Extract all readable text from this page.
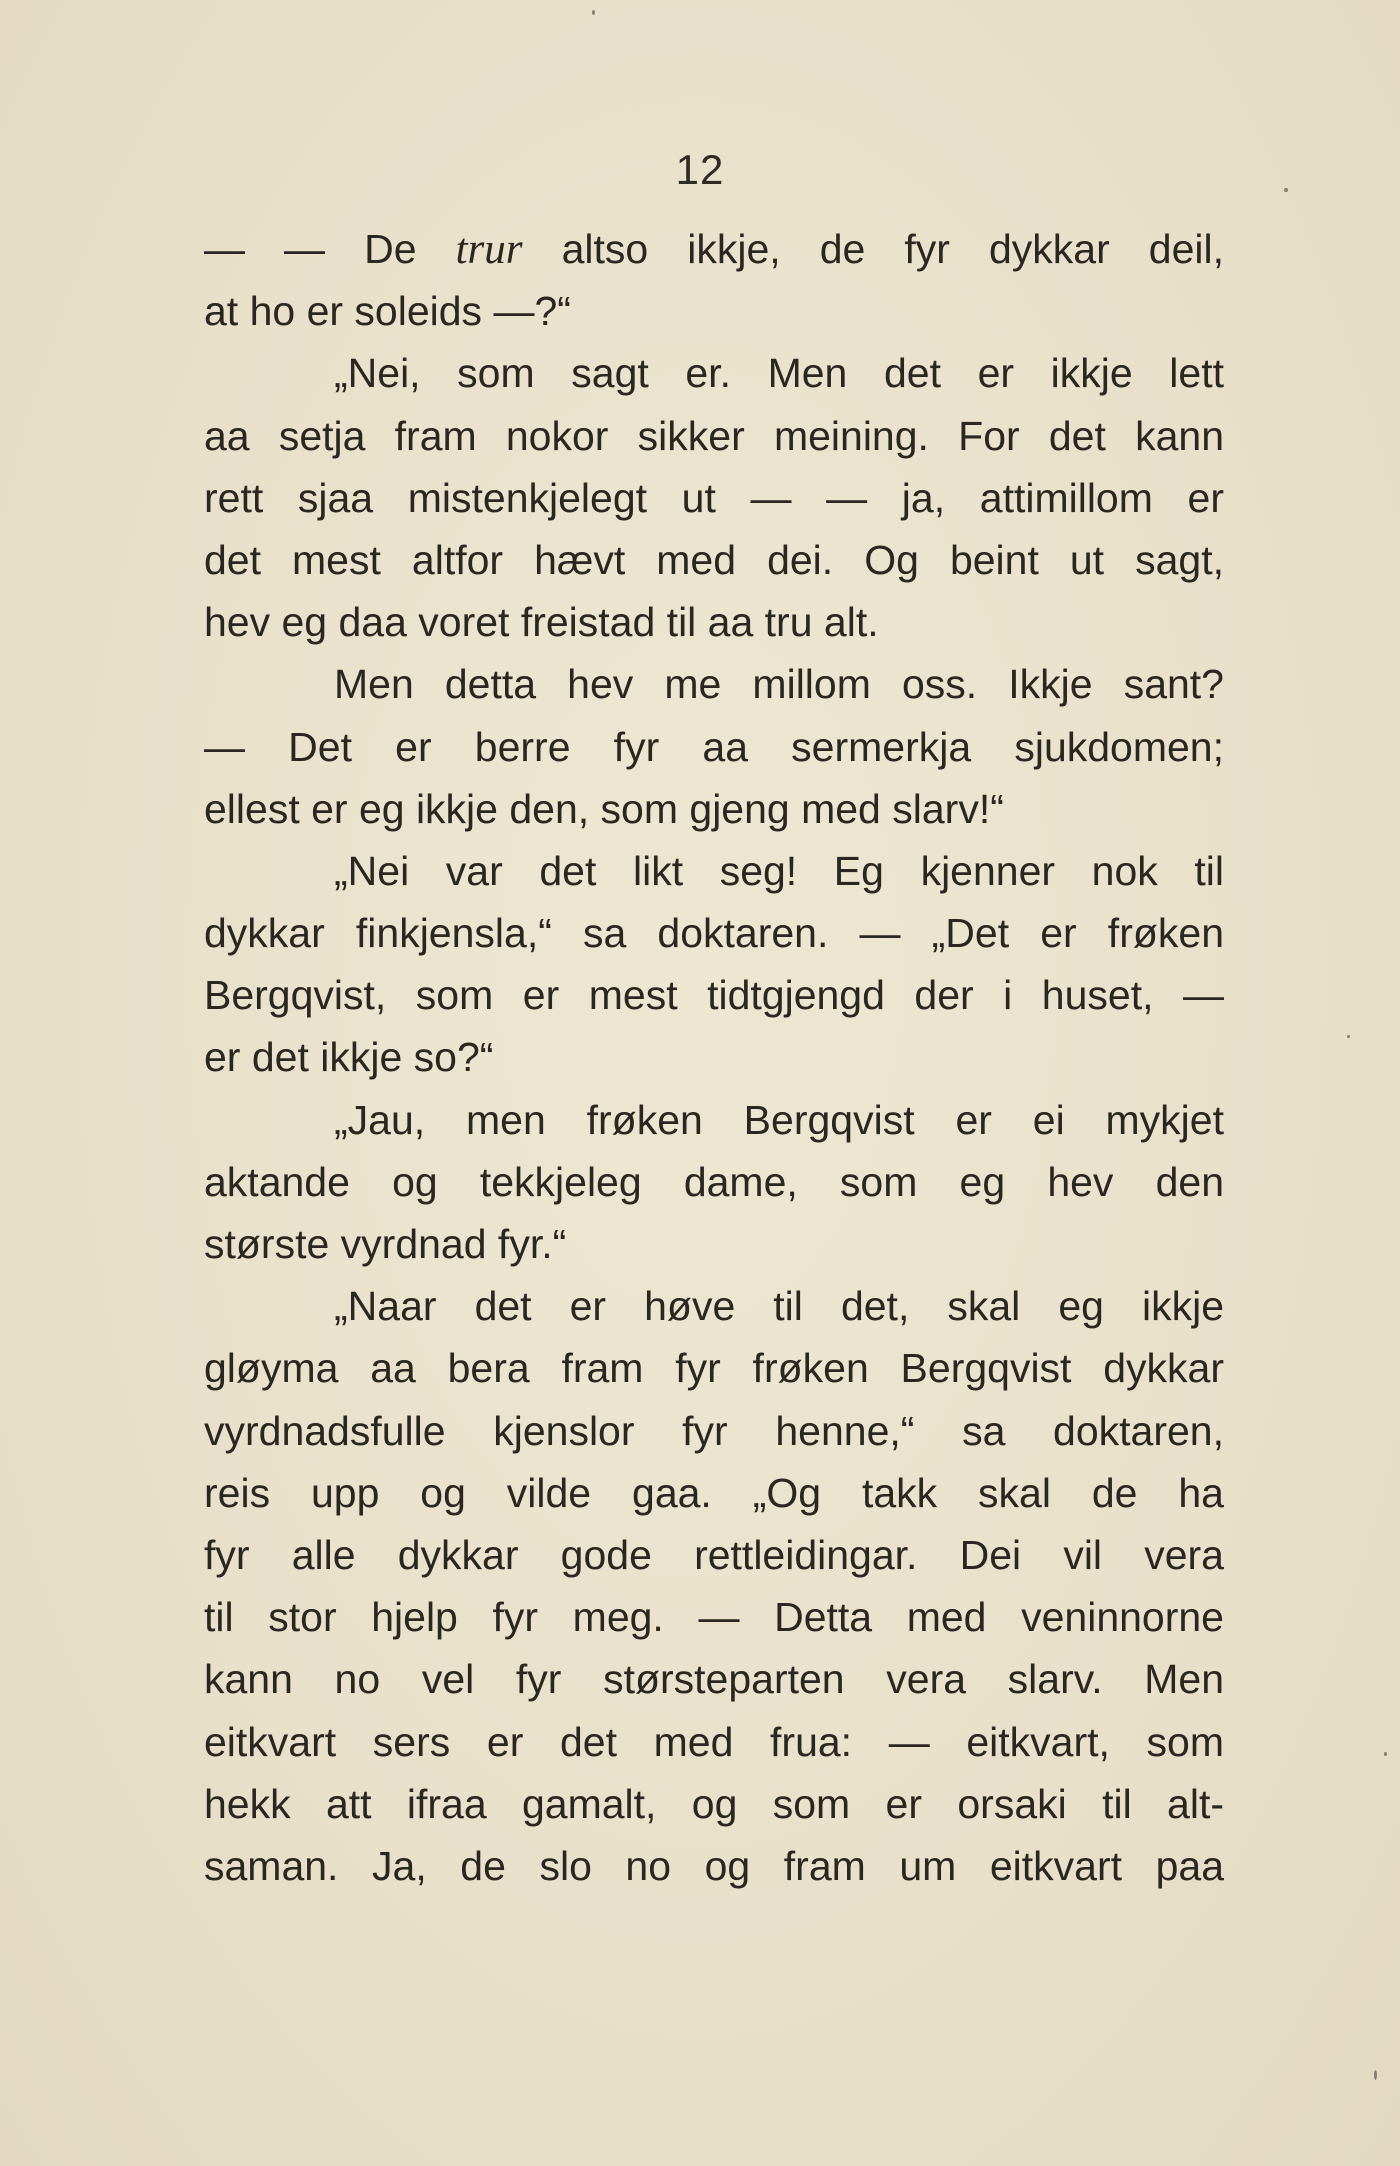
12
— — De trur altso ikkje, de fyr dykkar deil,
at ho er soleids —?“
„Nei, som sagt er. Men det er ikkje lett
aa setja fram nokor sikker meining. For det kann
rett sjaa mistenkjelegt ut — — ja, attimillom er
det mest altfor hævt med dei. Og beint ut sagt,
hev eg daa voret freistad til aa tru alt.
Men detta hev me millom oss. Ikkje sant?
— Det er berre fyr aa sermerkja sjukdomen;
ellest er eg ikkje den, som gjeng med slarv!“
„Nei var det likt seg! Eg kjenner nok til
dykkar finkjensla,“ sa doktaren. — „Det er frøken
Bergqvist, som er mest tidtgjengd der i huset, —
er det ikkje so?“
„Jau, men frøken Bergqvist er ei mykjet
aktande og tekkjeleg dame, som eg hev den
største vyrdnad fyr.“
„Naar det er høve til det, skal eg ikkje
gløyma aa bera fram fyr frøken Bergqvist dykkar
vyrdnadsfulle kjenslor fyr henne,“ sa doktaren,
reis upp og vilde gaa. „Og takk skal de ha
fyr alle dykkar gode rettleidingar. Dei vil vera
til stor hjelp fyr meg. — Detta med veninnorne
kann no vel fyr størsteparten vera slarv. Men
eitkvart sers er det med frua: — eitkvart, som
hekk att ifraa gamalt, og som er orsaki til alt-
saman. Ja, de slo no og fram um eitkvart paa
